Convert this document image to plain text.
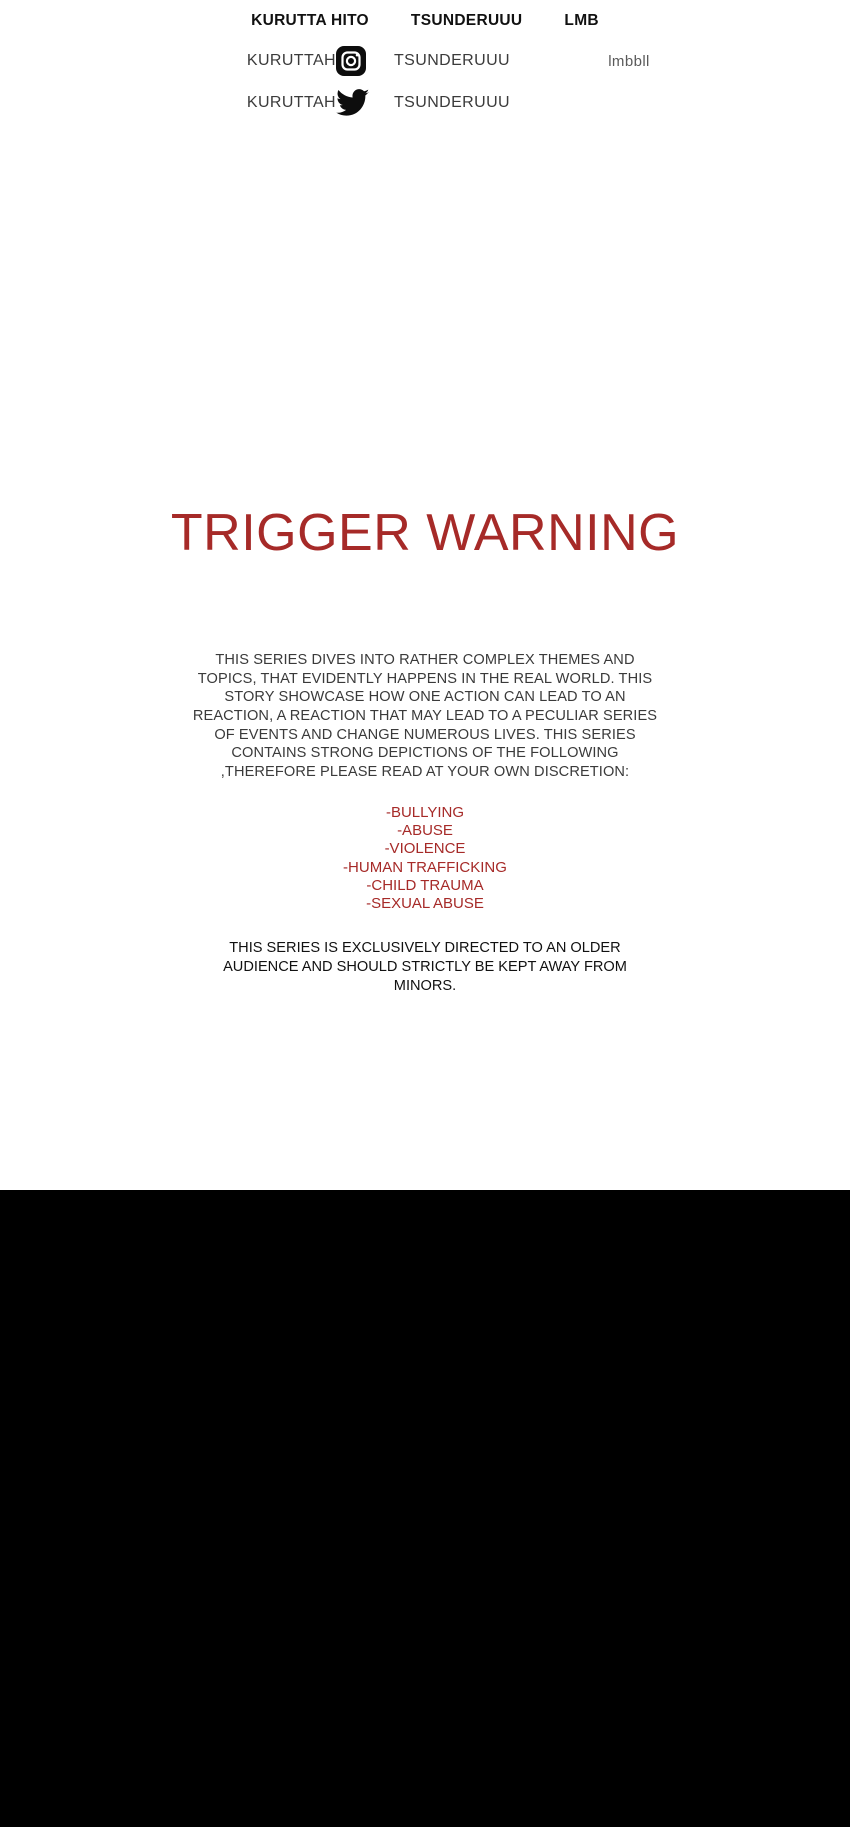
KURUTTA HITO	TSUNDERUUU	LMB
KURUTTAH	TSUNDERUUU	lmbbll
KURUTTAH	TSUNDERUUU
TRIGGER WARNING

THIS SERIES DIVES INTO RATHER COMPLEX THEMES AND TOPICS, THAT EVIDENTLY HAPPENS IN THE REAL WORLD. THIS STORY SHOWCASE HOW ONE ACTION CAN LEAD TO AN REACTION, A REACTION THAT MAY LEAD TO A PECULIAR SERIES OF EVENTS AND CHANGE NUMEROUS LIVES. THIS SERIES CONTAINS STRONG DEPICTIONS OF THE FOLLOWING ,THEREFORE PLEASE READ AT YOUR OWN DISCRETION:

-BULLYING
-ABUSE
-VIOLENCE
-HUMAN TRAFFICKING
-CHILD TRAUMA
-SEXUAL ABUSE

THIS SERIES IS EXCLUSIVELY DIRECTED TO AN OLDER AUDIENCE AND SHOULD STRICTLY BE KEPT AWAY FROM MINORS.
